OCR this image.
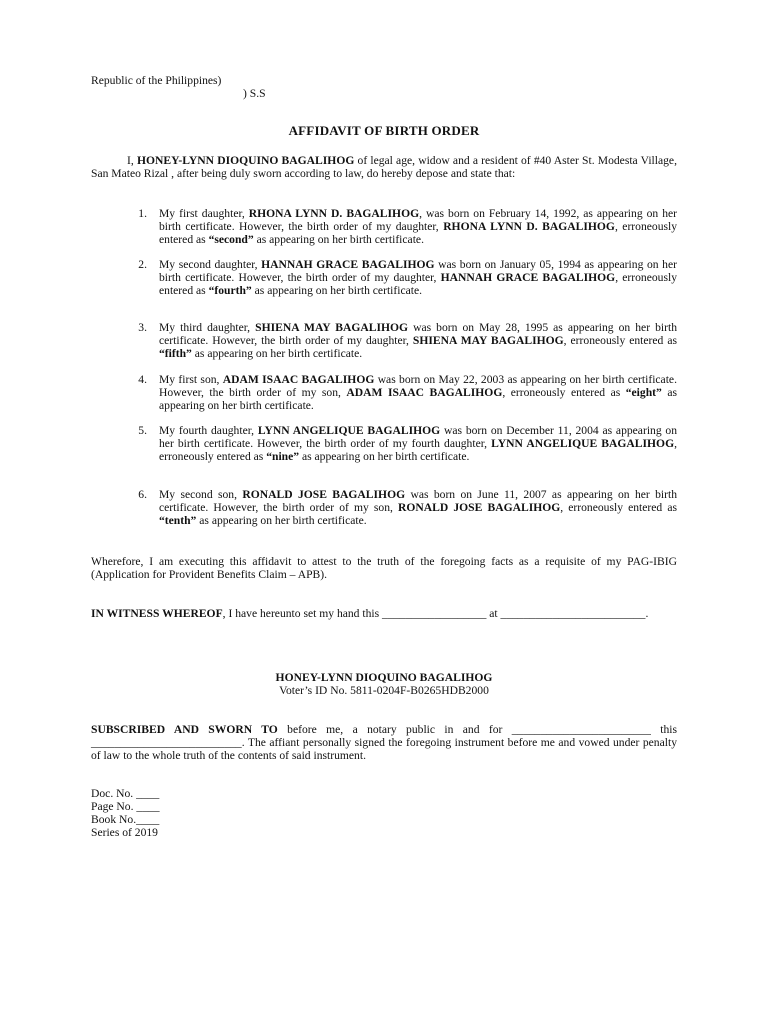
Republic of the Philippines)
) S.S
AFFIDAVIT OF BIRTH ORDER
I, HONEY-LYNN DIOQUINO BAGALIHOG of legal age, widow and a resident of #40 Aster St. Modesta Village, San Mateo Rizal , after being duly sworn according to law, do hereby depose and state that:
1. My first daughter, RHONA LYNN D. BAGALIHOG, was born on February 14, 1992, as appearing on her birth certificate. However, the birth order of my daughter, RHONA LYNN D. BAGALIHOG, erroneously entered as “second” as appearing on her birth certificate.
2. My second daughter, HANNAH GRACE BAGALIHOG was born on January 05, 1994 as appearing on her birth certificate. However, the birth order of my daughter, HANNAH GRACE BAGALIHOG, erroneously entered as “fourth” as appearing on her birth certificate.
3. My third daughter, SHIENA MAY BAGALIHOG was born on May 28, 1995 as appearing on her birth certificate. However, the birth order of my daughter, SHIENA MAY BAGALIHOG, erroneously entered as “fifth” as appearing on her birth certificate.
4. My first son, ADAM ISAAC BAGALIHOG was born on May 22, 2003 as appearing on her birth certificate. However, the birth order of my son, ADAM ISAAC BAGALIHOG, erroneously entered as “eight” as appearing on her birth certificate.
5. My fourth daughter, LYNN ANGELIQUE BAGALIHOG was born on December 11, 2004 as appearing on her birth certificate. However, the birth order of my fourth daughter, LYNN ANGELIQUE BAGALIHOG, erroneously entered as “nine” as appearing on her birth certificate.
6. My second son, RONALD JOSE BAGALIHOG was born on June 11, 2007 as appearing on her birth certificate. However, the birth order of my son, RONALD JOSE BAGALIHOG, erroneously entered as “tenth” as appearing on her birth certificate.
Wherefore, I am executing this affidavit to attest to the truth of the foregoing facts as a requisite of my PAG-IBIG (Application for Provident Benefits Claim – APB).
IN WITNESS WHEREOF, I have hereunto set my hand this __________________ at _________________________.
HONEY-LYNN DIOQUINO BAGALIHOG
Voter’s ID No. 5811-0204F-B0265HDB2000
SUBSCRIBED AND SWORN TO before me, a notary public in and for ________________________ this __________________________. The affiant personally signed the foregoing instrument before me and vowed under penalty of law to the whole truth of the contents of said instrument.
Doc. No. ____
Page No. ____
Book No.____
Series of 2019
